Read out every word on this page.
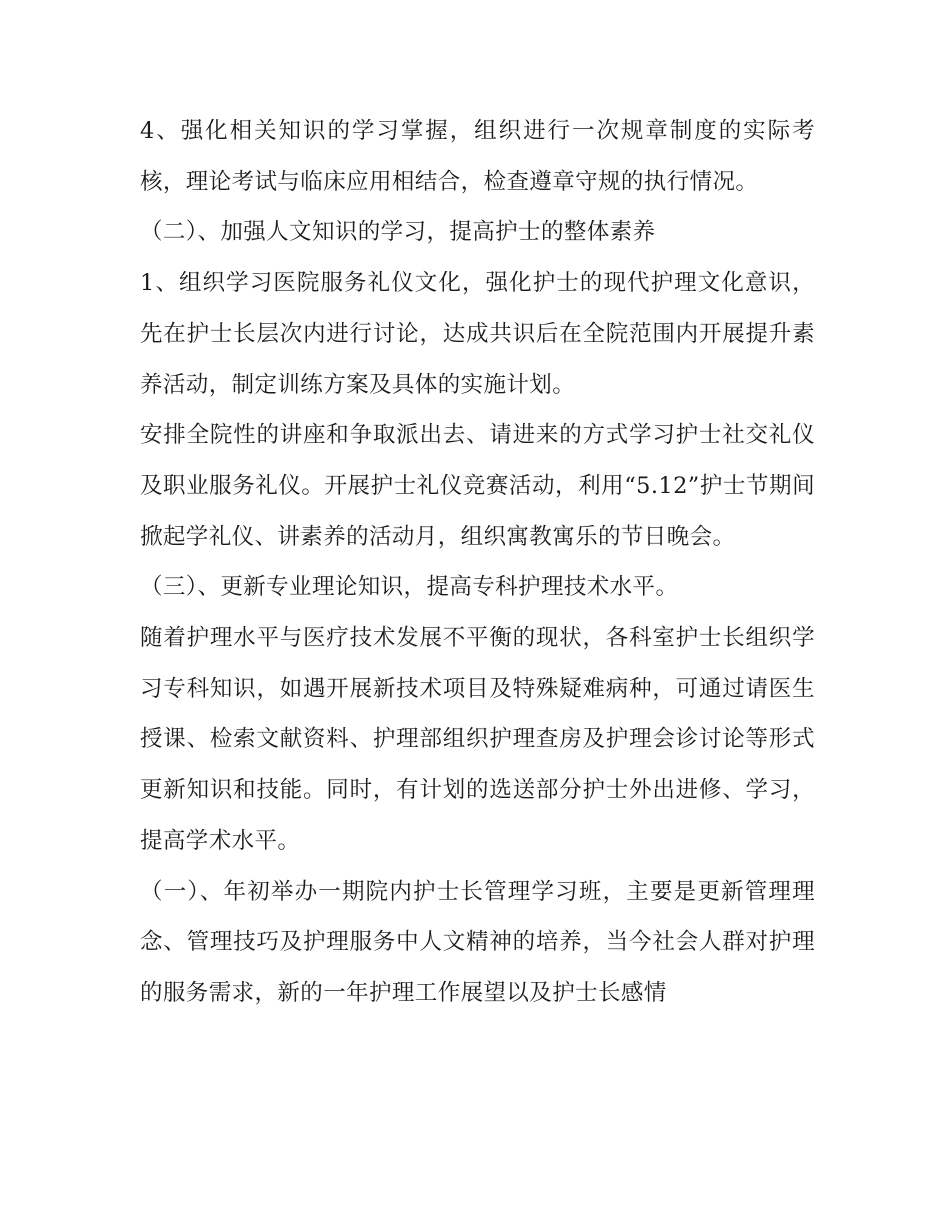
4、强化相关知识的学习掌握，组织进行一次规章制度的实际考核，理论考试与临床应用相结合，检查遵章守规的执行情况。

（二）、加强人文知识的学习，提高护士的整体素养

1、组织学习医院服务礼仪文化，强化护士的现代护理文化意识，先在护士长层次内进行讨论，达成共识后在全院范围内开展提升素养活动，制定训练方案及具体的实施计划。

安排全院性的讲座和争取派出去、请进来的方式学习护士社交礼仪及职业服务礼仪。开展护士礼仪竞赛活动，利用“5.12”护士节期间掀起学礼仪、讲素养的活动月，组织寓教寓乐的节日晚会。

（三）、更新专业理论知识，提高专科护理技术水平。

随着护理水平与医疗技术发展不平衡的现状，各科室护士长组织学习专科知识，如遇开展新技术项目及特殊疑难病种，可通过请医生授课、检索文献资料、护理部组织护理查房及护理会诊讨论等形式更新知识和技能。同时，有计划的选送部分护士外出进修、学习，提高学术水平。

（一）、年初举办一期院内护士长管理学习班，主要是更新管理理念、管理技巧及护理服务中人文精神的培养，当今社会人群对护理的服务需求，新的一年护理工作展望以及护士长感情
